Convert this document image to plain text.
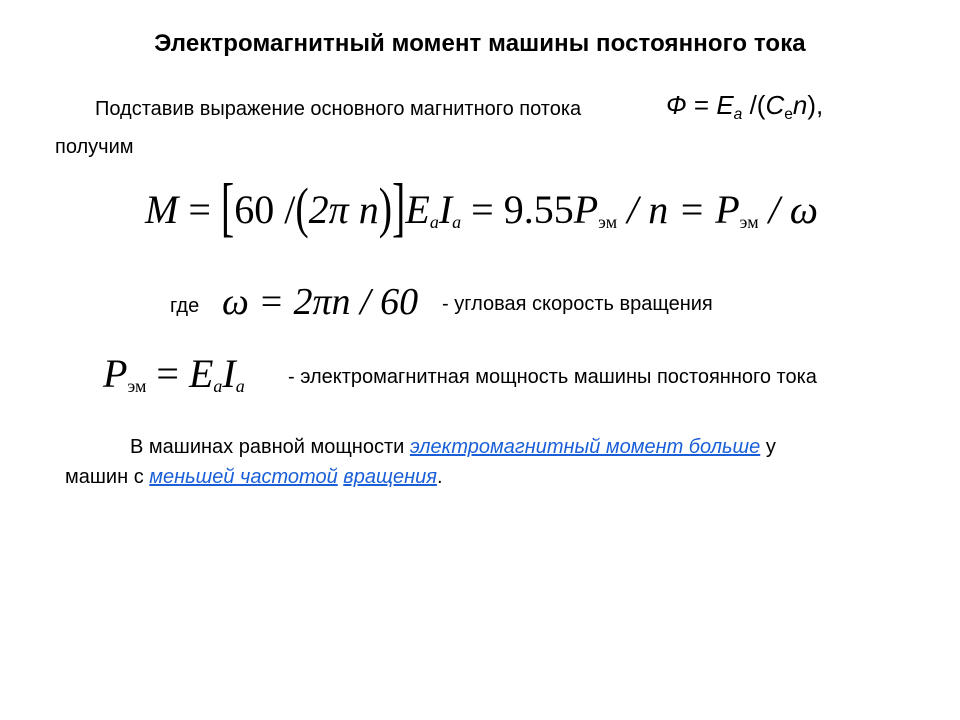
Электромагнитный момент машины постоянного тока
Подставив выражение основного магнитного потока	$Ф = E_a$ $/(C_en)$,
получим
M = [60 /(2π n)]EaIa = 9.55Pэм / n = Pэм / ω
где ω = 2πn / 60 - угловая скорость вращения
Pэм = EaIa - электромагнитная мощность машины постоянного тока
В машинах равной мощности электромагнитный момент больше у
машин с меньшей частотой вращения.
